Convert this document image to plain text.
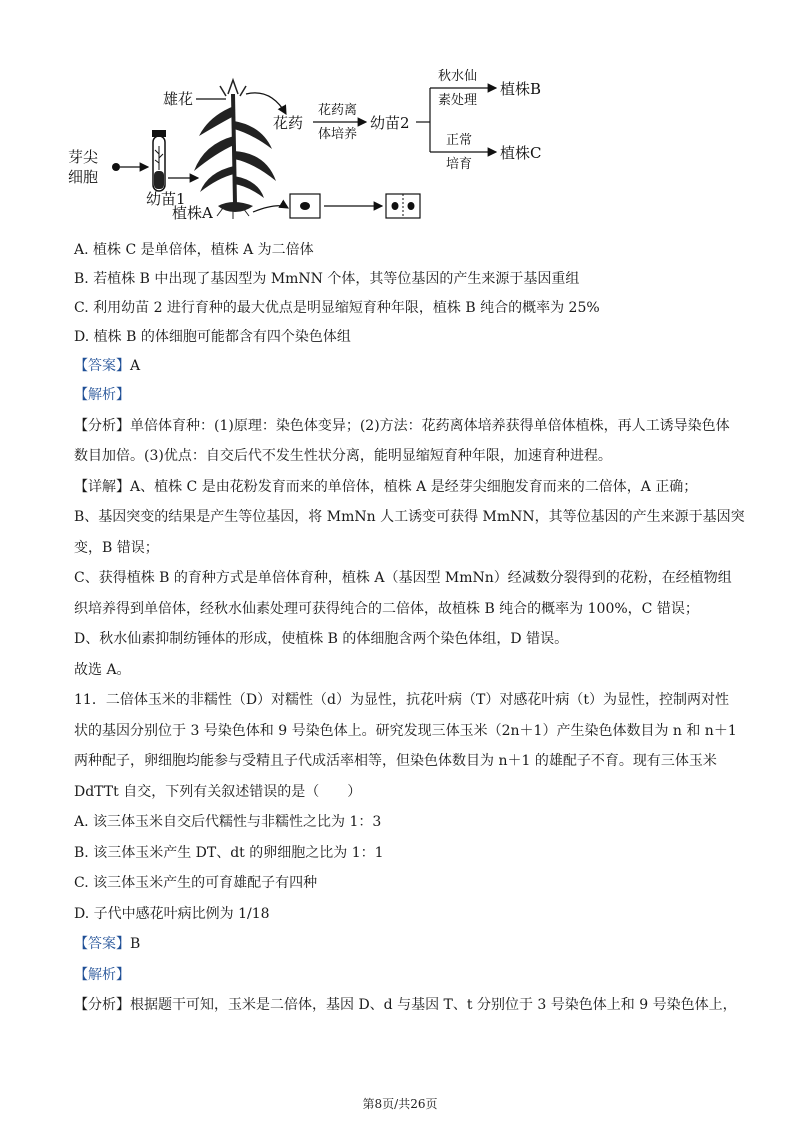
芽尖
细胞
幼苗1
雄花
植株A
花药
花药离
体培养
幼苗2
秋水仙
素处理
植株B
正常
培育
植株C
A. 植株 C 是单倍体，植株 A 为二倍体
B. 若植株 B 中出现了基因型为 MmNN 个体，其等位基因的产生来源于基因重组
C. 利用幼苗 2 进行育种的最大优点是明显缩短育种年限，植株 B 纯合的概率为 25%
D. 植株 B 的体细胞可能都含有四个染色体组
【答案】A
【解析】
【分析】单倍体育种：(1)原理：染色体变异；(2)方法：花药离体培养获得单倍体植株，再人工诱导染色体
数目加倍。(3)优点：自交后代不发生性状分离，能明显缩短育种年限，加速育种进程。
【详解】A、植株 C 是由花粉发育而来的单倍体，植株 A 是经芽尖细胞发育而来的二倍体，A 正确；
B、基因突变的结果是产生等位基因，将 MmNn 人工诱变可获得 MmNN，其等位基因的产生来源于基因突
变，B 错误；
C、获得植株 B 的育种方式是单倍体育种，植株 A（基因型 MmNn）经减数分裂得到的花粉，在经植物组
织培养得到单倍体，经秋水仙素处理可获得纯合的二倍体，故植株 B 纯合的概率为 100%，C 错误；
D、秋水仙素抑制纺锤体的形成，使植株 B 的体细胞含两个染色体组，D 错误。
故选 A。
11．二倍体玉米的非糯性（D）对糯性（d）为显性，抗花叶病（T）对感花叶病（t）为显性，控制两对性
状的基因分别位于 3 号染色体和 9 号染色体上。研究发现三体玉米（2n＋1）产生染色体数目为 n 和 n＋1
两种配子，卵细胞均能参与受精且子代成活率相等，但染色体数目为 n＋1 的雄配子不育。现有三体玉米
DdTTt 自交，下列有关叙述错误的是（　　）
A. 该三体玉米自交后代糯性与非糯性之比为 1：3
B. 该三体玉米产生 DT、dt 的卵细胞之比为 1：1
C. 该三体玉米产生的可育雄配子有四种
D. 子代中感花叶病比例为 1/18
【答案】B
【解析】
【分析】根据题干可知，玉米是二倍体，基因 D、d 与基因 T、t 分别位于 3 号染色体上和 9 号染色体上，
第8页/共26页
